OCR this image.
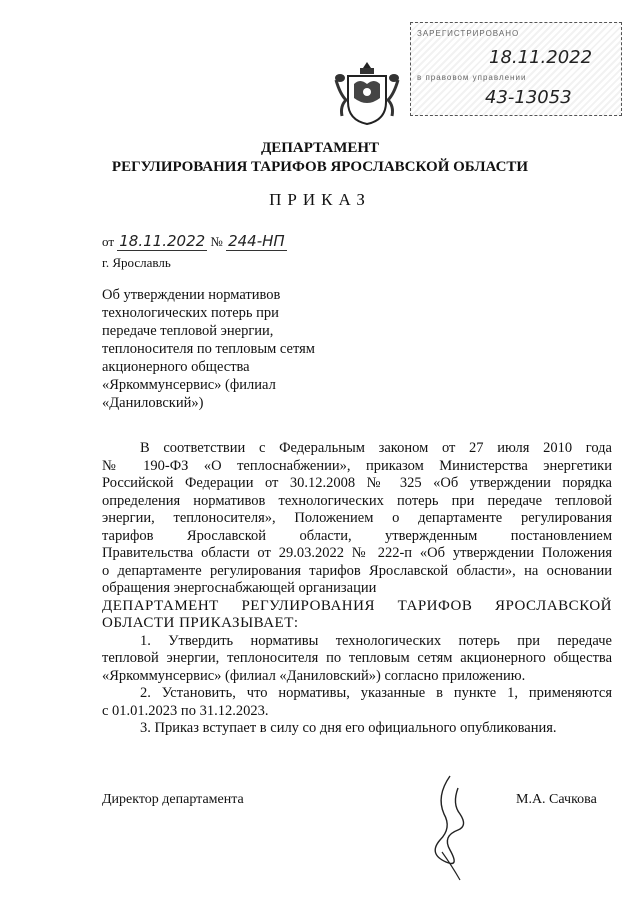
ЗАРЕГИСТРИРОВАНО
18.11.2022
в правовом управлении
43-13053
ДЕПАРТАМЕНТ
РЕГУЛИРОВАНИЯ ТАРИФОВ ЯРОСЛАВСКОЙ ОБЛАСТИ
ПРИКАЗ
от 18.11.2022 № 244-НП
г. Ярославль
Об утверждении нормативов
технологических потерь при
передаче тепловой энергии,
теплоносителя по тепловым сетям
акционерного общества
«Яркоммунсервис» (филиал
«Даниловский»)
В соответствии с Федеральным законом от 27 июля 2010 года
№ 190-ФЗ «О теплоснабжении», приказом Министерства энергетики
Российской Федерации от 30.12.2008 № 325 «Об утверждении порядка
определения нормативов технологических потерь при передаче тепловой
энергии, теплоносителя», Положением о департаменте регулирования
тарифов Ярославской области, утвержденным постановлением
Правительства области от 29.03.2022 № 222-п «Об утверждении Положения
о департаменте регулирования тарифов Ярославской области», на основании
обращения энергоснабжающей организации
ДЕПАРТАМЕНТ РЕГУЛИРОВАНИЯ ТАРИФОВ ЯРОСЛАВСКОЙ
ОБЛАСТИ ПРИКАЗЫВАЕТ:
1. Утвердить нормативы технологических потерь при передаче
тепловой энергии, теплоносителя по тепловым сетям акционерного общества
«Яркоммунсервис» (филиал «Даниловский») согласно приложению.
2. Установить, что нормативы, указанные в пункте 1, применяются
с 01.01.2023 по 31.12.2023.
3. Приказ вступает в силу со дня его официального опубликования.
Директор департамента	М.А. Сачкова
